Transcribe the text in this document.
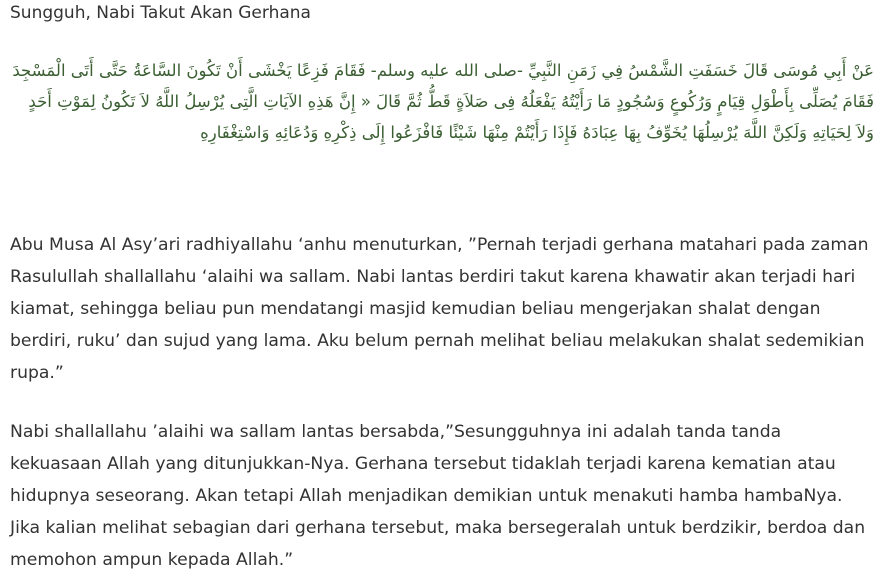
Sungguh, Nabi Takut Akan Gerhana
عَنْ أَبِي مُوسَى قَالَ خَسَفَتِ الشَّمْسُ فِي زَمَنِ النَّبِيِّ -صلى الله عليه وسلم- فَقَامَ فَزِعًا يَخْشَى أَنْ تَكُونَ السَّاعَةُ حَتَّى أَتَى الْمَسْجِدَ فَقَامَ يُصَلِّى بِأَطْوَلِ قِيَامٍ وَرُكُوعٍ وَسُجُودٍ مَا رَأَيْتُهُ يَفْعَلُهُ فِى صَلاَةٍ قَطُّ ثُمَّ قَالَ « إِنَّ هَذِهِ الآيَاتِ الَّتِى يُرْسِلُ اللَّهُ لاَ تَكُونُ لِمَوْتِ أَحَدٍ وَلاَ لِحَيَاتِهِ وَلَكِنَّ اللَّهَ يُرْسِلُهَا يُخَوِّفُ بِهَا عِبَادَهُ فَإِذَا رَأَيْتُمْ مِنْهَا شَيْئًا فَافْزَعُوا إِلَى ذِكْرِهِ وَدُعَائِهِ وَاسْتِغْفَارِهِ

Abu Musa Al Asy’ari radhiyallahu ‘anhu menuturkan, ”Pernah terjadi gerhana matahari pada zaman Rasulullah shallallahu ‘alaihi wa sallam. Nabi lantas berdiri takut karena khawatir akan terjadi hari kiamat, sehingga beliau pun mendatangi masjid kemudian beliau mengerjakan shalat dengan berdiri, ruku’ dan sujud yang lama. Aku belum pernah melihat beliau melakukan shalat sedemikian rupa.”

Nabi shallallahu ’alaihi wa sallam lantas bersabda,”Sesungguhnya ini adalah tanda tanda kekuasaan Allah yang ditunjukkan-Nya. Gerhana tersebut tidaklah terjadi karena kematian atau hidupnya seseorang. Akan tetapi Allah menjadikan demikian untuk menakuti hamba hambaNya. Jika kalian melihat sebagian dari gerhana tersebut, maka bersegeralah untuk berdzikir, berdoa dan memohon ampun kepada Allah.”
